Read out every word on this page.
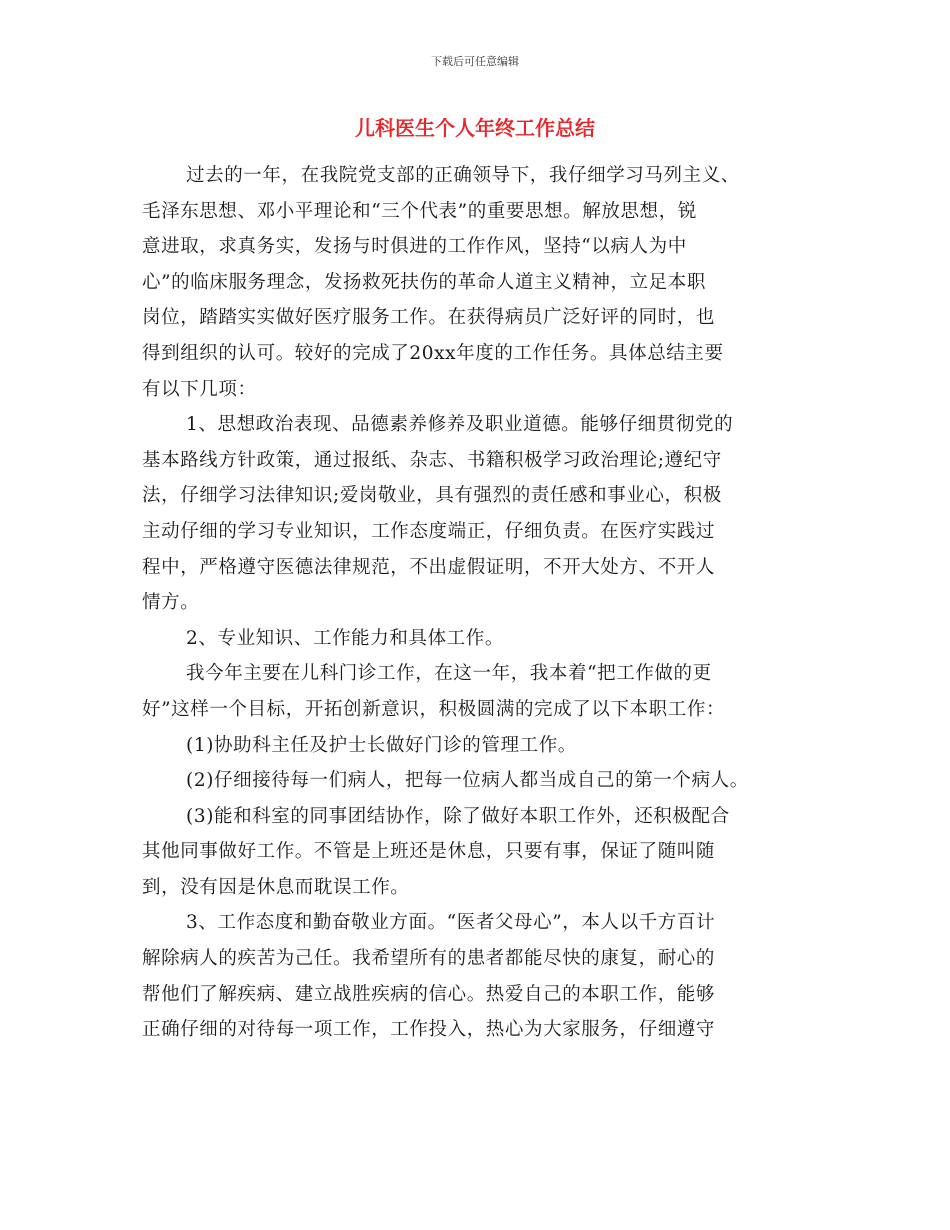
下载后可任意编辑
儿科医生个人年终工作总结
过去的一年，在我院党支部的正确领导下，我仔细学习马列主义、
毛泽东思想、邓小平理论和“三个代表”的重要思想。解放思想，锐
意进取，求真务实，发扬与时俱进的工作作风，坚持“以病人为中
心”的临床服务理念，发扬救死扶伤的革命人道主义精神，立足本职
岗位，踏踏实实做好医疗服务工作。在获得病员广泛好评的同时，也
得到组织的认可。较好的完成了20xx年度的工作任务。具体总结主要
有以下几项：
1、思想政治表现、品德素养修养及职业道德。能够仔细贯彻党的
基本路线方针政策，通过报纸、杂志、书籍积极学习政治理论;遵纪守
法，仔细学习法律知识;爱岗敬业，具有强烈的责任感和事业心，积极
主动仔细的学习专业知识，工作态度端正，仔细负责。在医疗实践过
程中，严格遵守医德法律规范，不出虚假证明，不开大处方、不开人
情方。
2、专业知识、工作能力和具体工作。
我今年主要在儿科门诊工作，在这一年，我本着“把工作做的更
好”这样一个目标，开拓创新意识，积极圆满的完成了以下本职工作：
(1)协助科主任及护士长做好门诊的管理工作。
(2)仔细接待每一们病人，把每一位病人都当成自己的第一个病人。
(3)能和科室的同事团结协作，除了做好本职工作外，还积极配合
其他同事做好工作。不管是上班还是休息，只要有事，保证了随叫随
到，没有因是休息而耽误工作。
3、工作态度和勤奋敬业方面。“医者父母心”，本人以千方百计
解除病人的疾苦为己任。我希望所有的患者都能尽快的康复，耐心的
帮他们了解疾病、建立战胜疾病的信心。热爱自己的本职工作，能够
正确仔细的对待每一项工作，工作投入，热心为大家服务，仔细遵守
